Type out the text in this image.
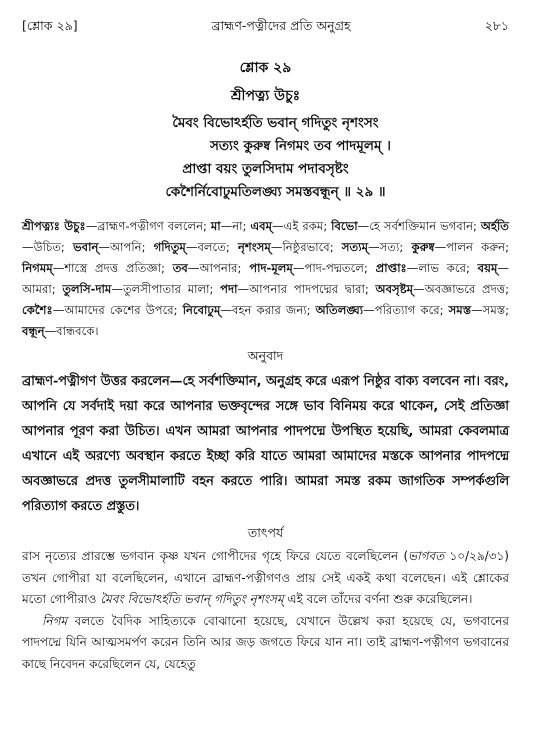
[শ্লোক ২৯]	ব্রাহ্মণ-পত্নীদের প্রতি অনুগ্রহ	২৮১
শ্লোক ২৯
শ্রীপত্ন্য উচুঃ
মৈবং বিভোঽর্হতি ভবান্ গদিতুং নৃশংসং
সত্যং কুরুষ্ব নিগমং তব পাদমূলম্ ।
প্রাপ্তা বয়ং তুলসিদাম পদাবসৃষ্টং
কেশৈর্নিবোঢুমতিলঙ্ঘ্য সমস্তবন্ধূন্ ॥ ২৯ ॥
শ্রীপত্ন্যঃ উচুঃ—ব্রাহ্মণ-পত্নীগণ বললেন; মা—না; এবম্—এই রকম; বিভো—হে সর্বশক্তিমান ভগবান; অর্হতি—উচিত; ভবান্—আপনি; গদিতুম্—বলতে; নৃশংসম্—নিষ্ঠুরভাবে; সত্যম্—সত্য; কুরুষ্ব—পালন করুন; নিগমম্—শাস্ত্রে প্রদত্ত প্রতিজ্ঞা; তব—আপনার; পাদ-মূলম্—পাদ-পদ্মতলে; প্রাপ্তাঃ—লাভ করে; বয়ম্—আমরা; তুলসি-দাম—তুলসীপাতার মালা; পদা—আপনার পাদপদ্মের দ্বারা; অবসৃষ্টম্—অবজ্ঞাভরে প্রদত্ত; কেশৈঃ—আমাদের কেশের উপরে; নিবোঢুম্—বহন করার জন্য; অতিলঙ্ঘ্য—পরিত্যাগ করে; সমস্ত—সমস্ত; বন্ধূন্—বান্ধবকে।
অনুবাদ
ব্রাহ্মণ-পত্নীগণ উত্তর করলেন—হে সর্বশক্তিমান, অনুগ্রহ করে এরূপ নিষ্ঠুর বাক্য বলবেন না। বরং, আপনি যে সর্বদাই দয়া করে আপনার ভক্তবৃন্দের সঙ্গে ভাব বিনিময় করে থাকেন, সেই প্রতিজ্ঞা আপনার পূরণ করা উচিত। এখন আমরা আপনার পাদপদ্মে উপস্থিত হয়েছি, আমরা কেবলমাত্র এখানে এই অরণ্যে অবস্থান করতে ইচ্ছা করি যাতে আমরা আমাদের মস্তকে আপনার পাদপদ্মে অবজ্ঞাভরে প্রদত্ত তুলসীমালাটি বহন করতে পারি। আমরা সমস্ত রকম জাগতিক সম্পর্কগুলি পরিত্যাগ করতে প্রস্তুত।
তাৎপর্য

রাস নৃত্যের প্রারম্ভে ভগবান কৃষ্ণ যখন গোপীদের গৃহে ফিরে যেতে বলেছিলেন (ভাগবত ১০/২৯/৩১) তখন গোপীরা যা বলেছিলেন, এখানে ব্রাহ্মণ-পত্নীগণও প্রায় সেই একই কথা বলেছেন। এই শ্লোকের মতো গোপীরাও মৈবং বিভোঽর্হতি ভবান্ গদিতুং নৃশংসম্ এই বলে তাঁদের বর্ণনা শুরু করেছিলেন।

নিগম বলতে বৈদিক সাহিত্যকে বোঝানো হয়েছে, যেখানে উল্লেখ করা হয়েছে যে, ভগবানের পাদপদ্মে যিনি আত্মসমর্পণ করেন তিনি আর জড় জগতে ফিরে যান না। তাই ব্রাহ্মণ-পত্নীগণ ভগবানের কাছে নিবেদন করেছিলেন যে, যেহেতু
